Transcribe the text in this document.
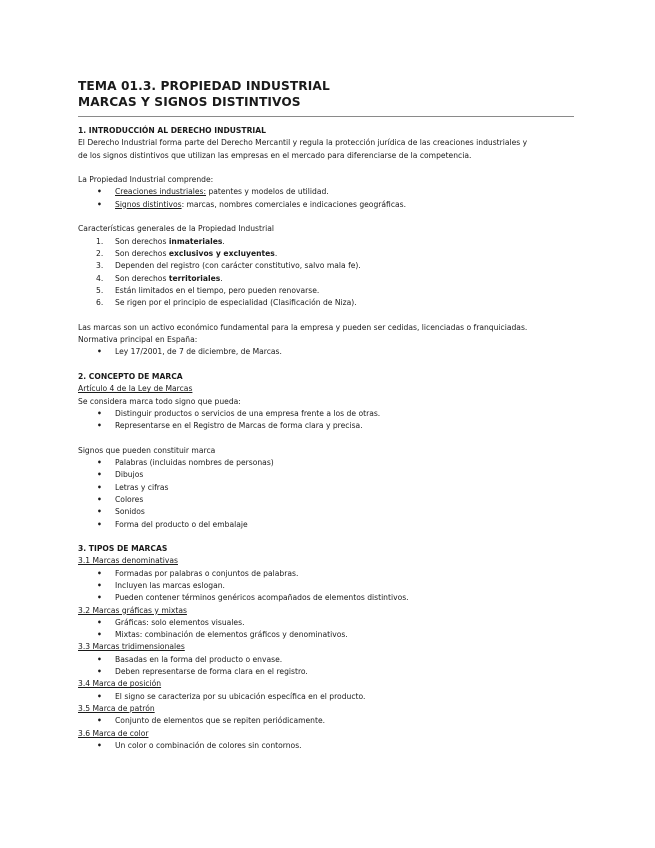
TEMA 01.3. PROPIEDAD INDUSTRIAL
MARCAS Y SIGNOS DISTINTIVOS
1. INTRODUCCIÓN AL DERECHO INDUSTRIAL

El Derecho Industrial forma parte del Derecho Mercantil y regula la protección jurídica de las creaciones industriales y

de los signos distintivos que utilizan las empresas en el mercado para diferenciarse de la competencia.

La Propiedad Industrial comprende:

• Creaciones industriales: patentes y modelos de utilidad.
• Signos distintivos: marcas, nombres comerciales e indicaciones geográficas.

Características generales de la Propiedad Industrial

1. Son derechos inmateriales.
2. Son derechos exclusivos y excluyentes.
3. Dependen del registro (con carácter constitutivo, salvo mala fe).
4. Son derechos territoriales.
5. Están limitados en el tiempo, pero pueden renovarse.
6. Se rigen por el principio de especialidad (Clasificación de Niza).

Las marcas son un activo económico fundamental para la empresa y pueden ser cedidas, licenciadas o franquiciadas.

Normativa principal en España:

• Ley 17/2001, de 7 de diciembre, de Marcas.
2. CONCEPTO DE MARCA

Artículo 4 de la Ley de Marcas

Se considera marca todo signo que pueda:

• Distinguir productos o servicios de una empresa frente a los de otras.
• Representarse en el Registro de Marcas de forma clara y precisa.

Signos que pueden constituir marca

• Palabras (incluidas nombres de personas)
• Dibujos
• Letras y cifras
• Colores
• Sonidos
• Forma del producto o del embalaje
3. TIPOS DE MARCAS

3.1 Marcas denominativas

• Formadas por palabras o conjuntos de palabras.
• Incluyen las marcas eslogan.
• Pueden contener términos genéricos acompañados de elementos distintivos.

3.2 Marcas gráficas y mixtas

• Gráficas: solo elementos visuales.
• Mixtas: combinación de elementos gráficos y denominativos.

3.3 Marcas tridimensionales

• Basadas en la forma del producto o envase.
• Deben representarse de forma clara en el registro.

3.4 Marca de posición

• El signo se caracteriza por su ubicación específica en el producto.

3.5 Marca de patrón

• Conjunto de elementos que se repiten periódicamente.

3.6 Marca de color

• Un color o combinación de colores sin contornos.
